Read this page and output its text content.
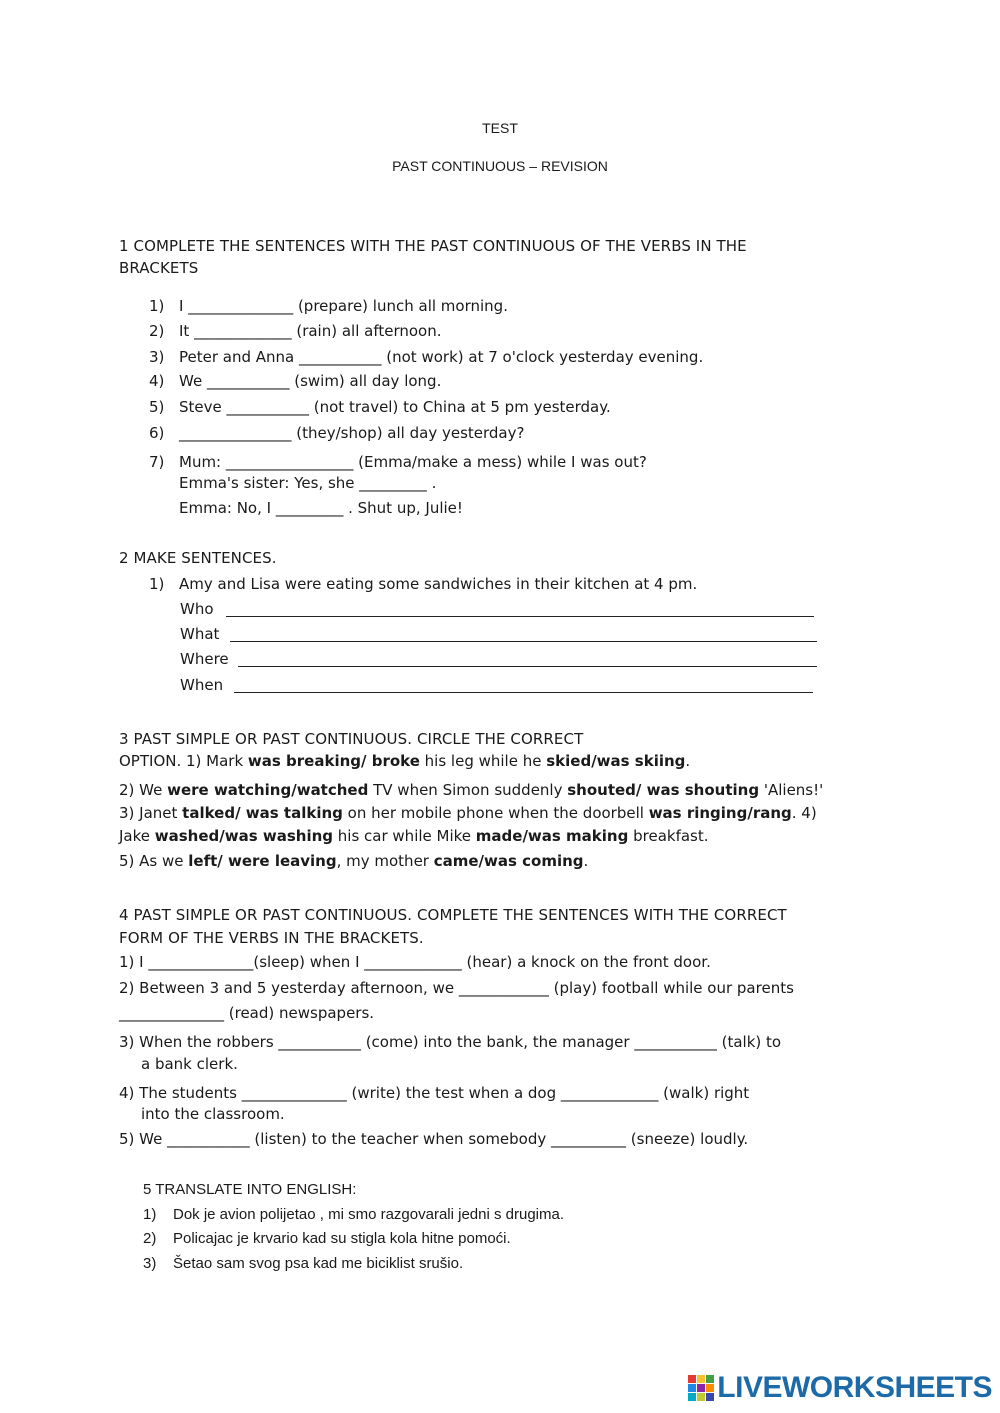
TEST
PAST CONTINUOUS – REVISION
1 COMPLETE THE SENTENCES WITH THE PAST CONTINUOUS OF THE VERBS IN THE
BRACKETS
1) I ______________ (prepare) lunch all morning.
2) It _____________ (rain) all afternoon.
3) Peter and Anna ___________ (not work) at 7 o'clock yesterday evening.
4) We ___________ (swim) all day long.
5) Steve ___________ (not travel) to China at 5 pm yesterday.
6) _______________ (they/shop) all day yesterday?
7) Mum: _________________ (Emma/make a mess) while I was out?
Emma's sister: Yes, she _________ .
Emma: No, I _________ . Shut up, Julie!
2 MAKE SENTENCES.
1) Amy and Lisa were eating some sandwiches in their kitchen at 4 pm.
Who
What
Where
When
3 PAST SIMPLE OR PAST CONTINUOUS. CIRCLE THE CORRECT
OPTION. 1) Mark was breaking/ broke his leg while he skied/was skiing.
2) We were watching/watched TV when Simon suddenly shouted/ was shouting 'Aliens!'
3) Janet talked/ was talking on her mobile phone when the doorbell was ringing/rang. 4)
Jake washed/was washing his car while Mike made/was making breakfast.
5) As we left/ were leaving, my mother came/was coming.
4 PAST SIMPLE OR PAST CONTINUOUS. COMPLETE THE SENTENCES WITH THE CORRECT
FORM OF THE VERBS IN THE BRACKETS.
1) I ______________(sleep) when I _____________ (hear) a knock on the front door.
2) Between 3 and 5 yesterday afternoon, we ____________ (play) football while our parents
______________ (read) newspapers.
3) When the robbers ___________ (come) into the bank, the manager ___________ (talk) to
a bank clerk.
4) The students ______________ (write) the test when a dog _____________ (walk) right
into the classroom.
5) We ___________ (listen) to the teacher when somebody __________ (sneeze) loudly.
5 TRANSLATE INTO ENGLISH:
1) Dok je avion polijetao , mi smo razgovarali jedni s drugima.
2) Policajac je krvario kad su stigla kola hitne pomoći.
3) Šetao sam svog psa kad me biciklist srušio.
LIVEWORKSHEETS
